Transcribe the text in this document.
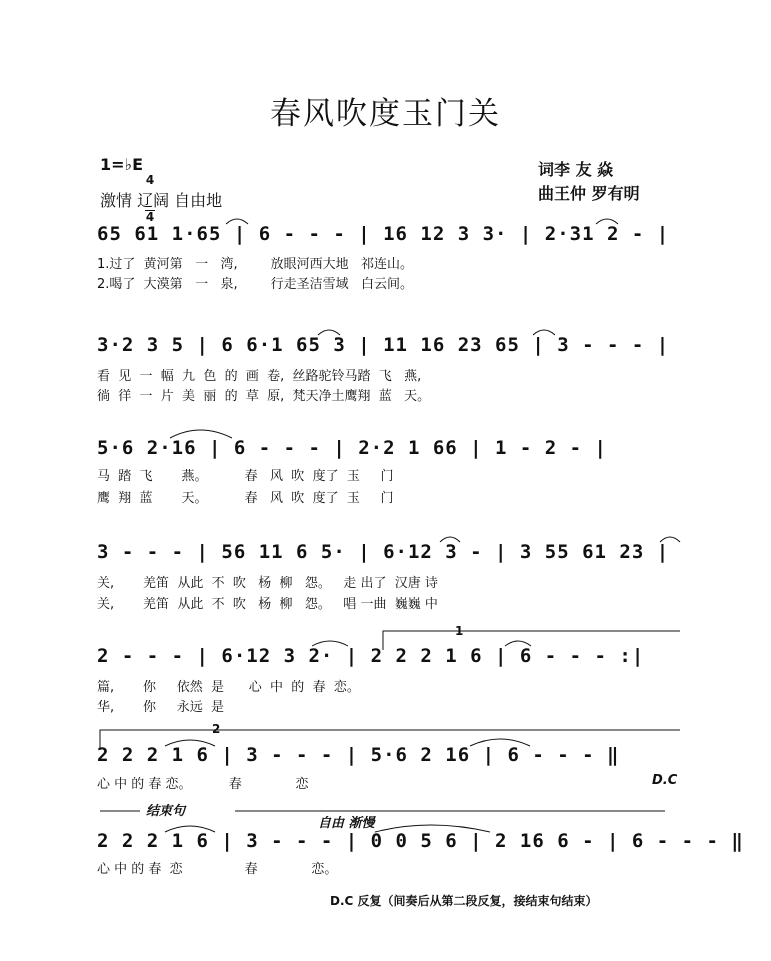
春风吹度玉门关
1=♭E

$\frac{4}{4}$

激情 辽阔 自由地
词李 友 焱
曲王仲 罗有明
65 61 1·65 | 6 - - - | 16 12 3 3· | 2·31 2 - |
1.过了  黄河第   一   湾,        放眼河西大地   祁连山。
2.喝了  大漠第   一   泉,        行走圣洁雪域   白云间。
3·2 3 5 | 6 6·1 65 3 | 11 16 23 65 | 3 - - - |
看  见  一  幅  九  色  的  画  卷,  丝路驼铃马踏  飞   燕,
徜  徉  一  片  美  丽  的  草  原,  梵天净土鹰翔  蓝   天。
5·6 2·16 | 6 - - - | 2·2 1 66 | 1 - 2 - |
马  踏  飞       燕。         春   风  吹  度了  玉     门
鹰  翔  蓝       天。         春   风  吹  度了  玉     门
3 - - - | 56 11 6 5· | 6·12 3 - | 3 55 61 23 |
关,       羌笛  从此  不  吹   杨  柳   怨。   走 出了  汉唐 诗
关,       羌笛  从此  不  吹   杨  柳   怨。   唱 一曲  巍巍 中
1
2 - - - | 6·12 3 2· | 2 2 2 1 6 | 6 - - - :|
篇,       你     依然  是      心  中  的  春  恋。
华,       你     永远  是
2
2 2 2 1 6 | 3 - - - | 5·6 2 16 | 6 - - - ‖
心 中 的 春 恋。         春             恋	D.C
结束句
自由 渐慢
2 2 2 1 6 | 3 - - - | 0 0 5 6 | 2 16 6 - | 6 - - - ‖
心 中 的 春  恋               春             恋。
D.C 反复（间奏后从第二段反复，接结束句结束）
